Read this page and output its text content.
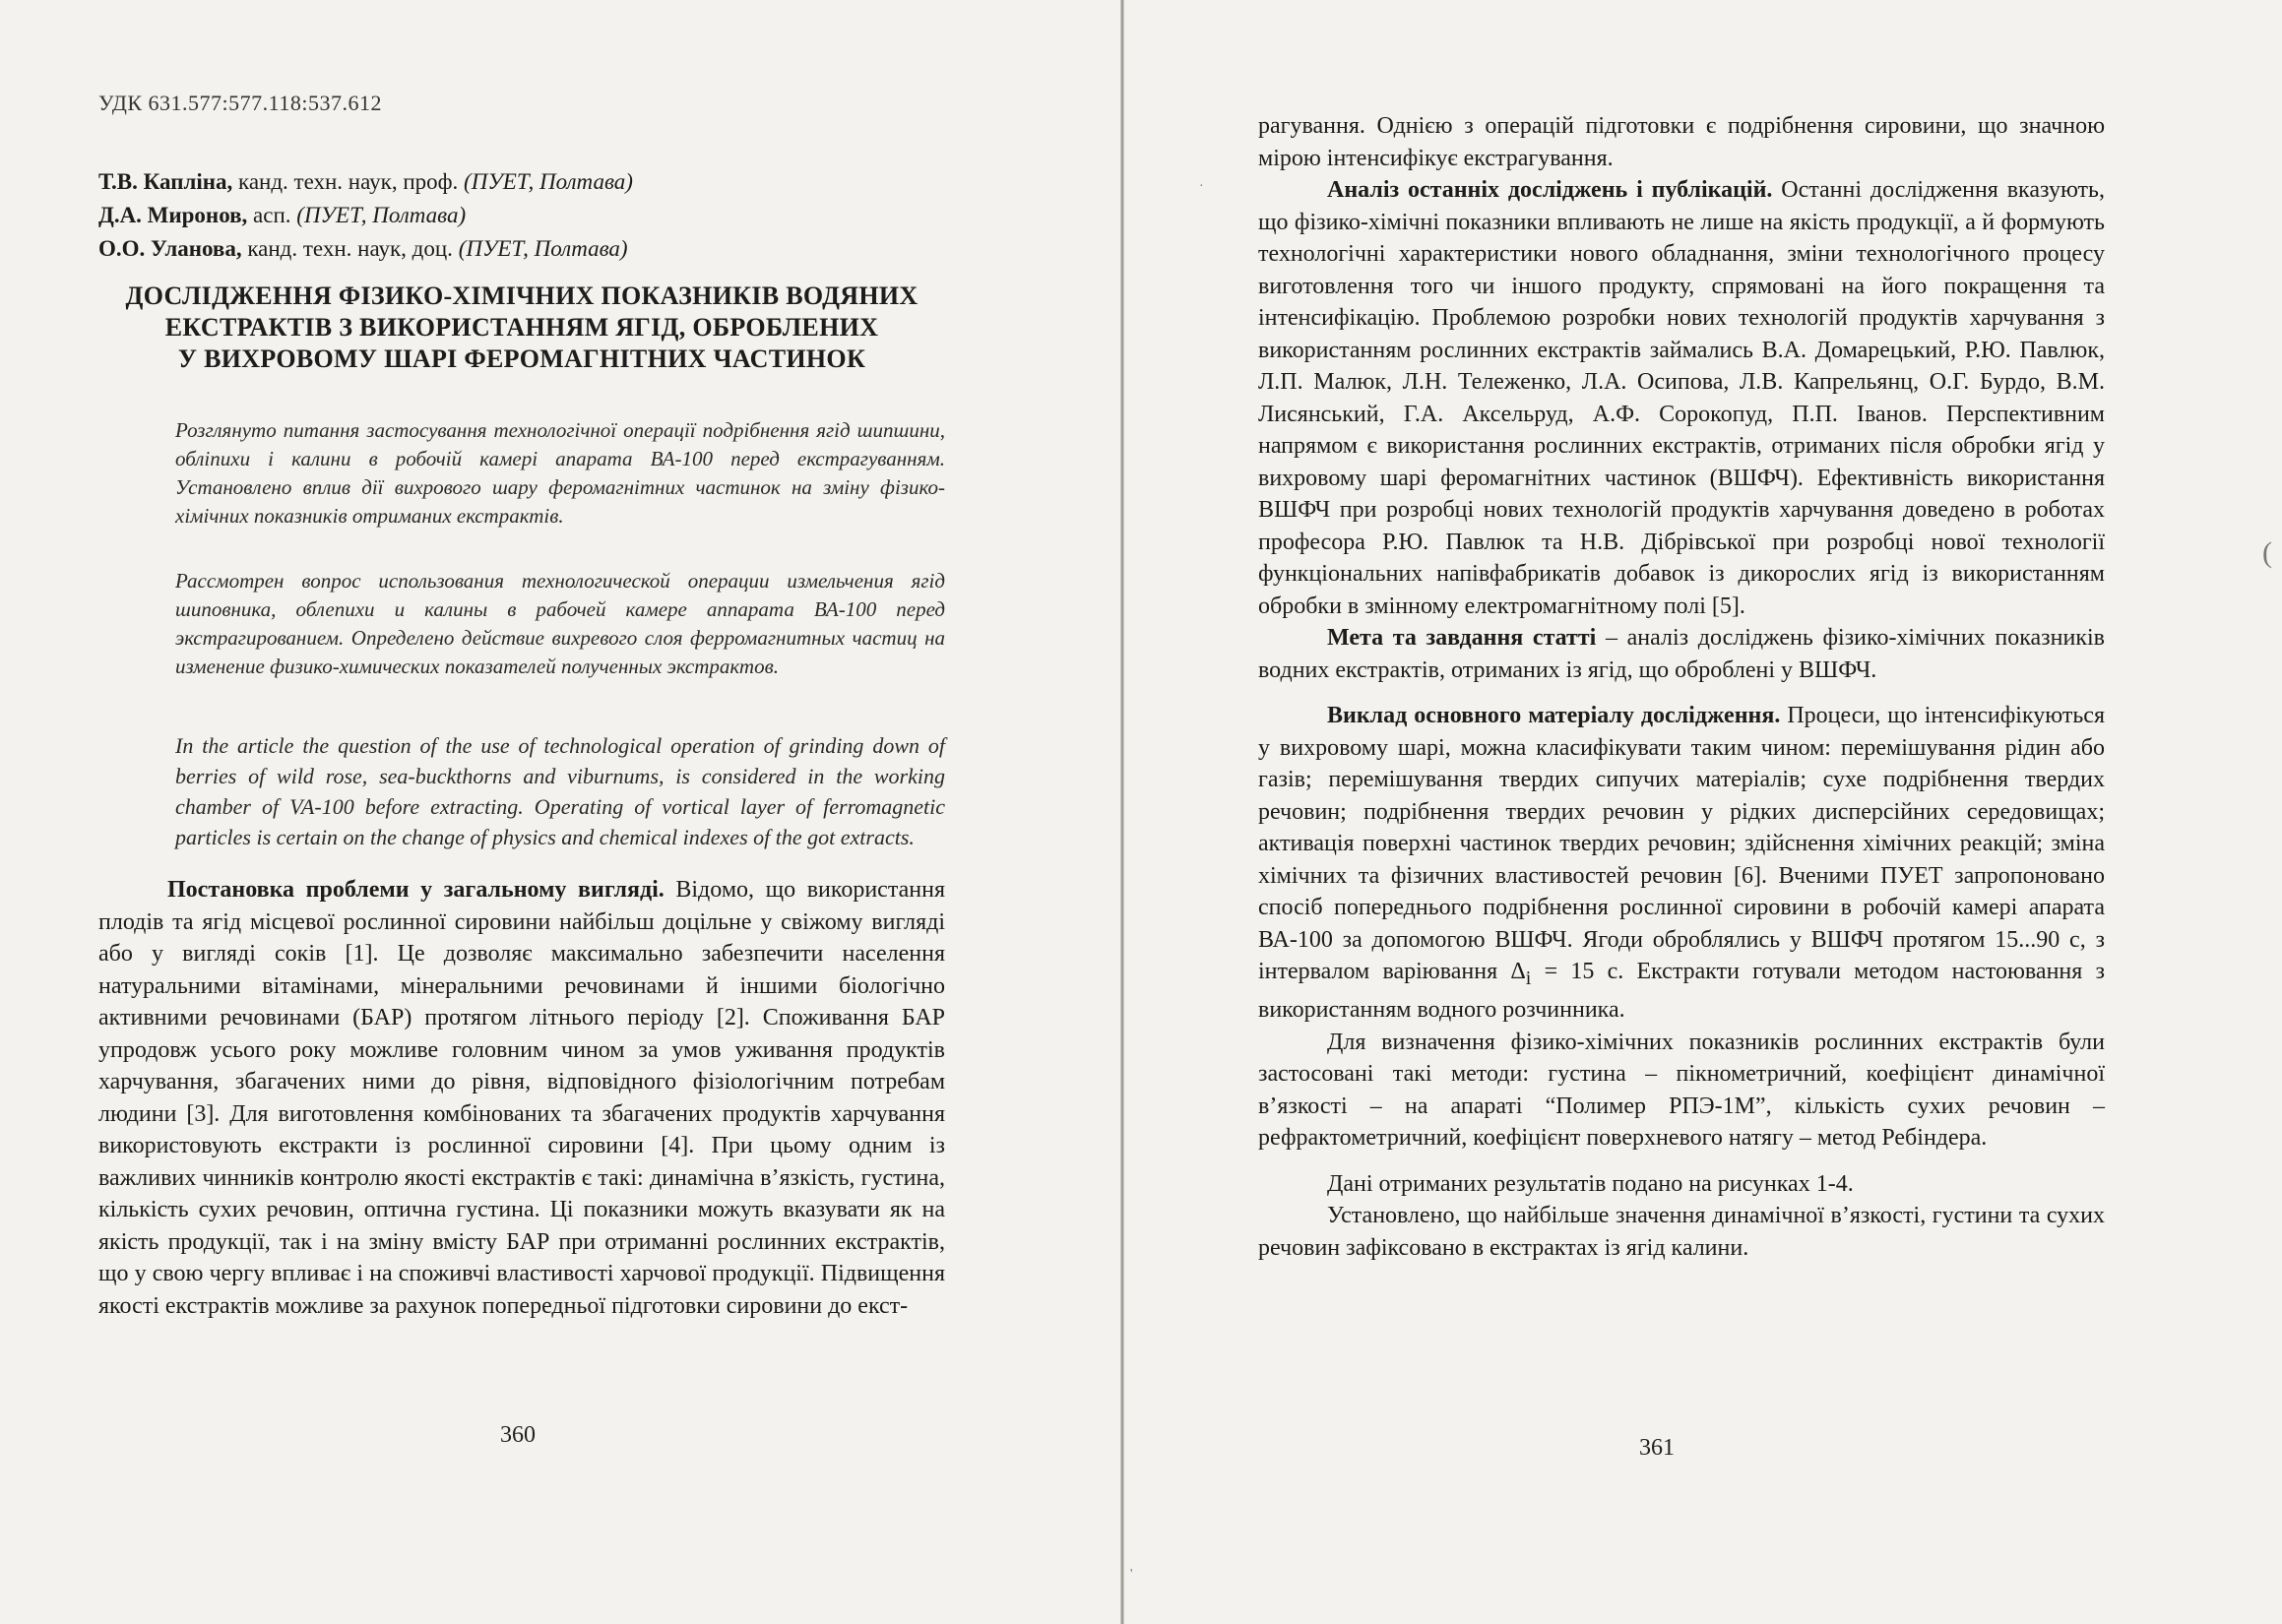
УДК 631.577:577.118:537.612
Т.В. Капліна, канд. техн. наук, проф. (ПУЕТ, Полтава)
Д.А. Миронов, асп. (ПУЕТ, Полтава)
О.О. Уланова, канд. техн. наук, доц. (ПУЕТ, Полтава)
ДОСЛІДЖЕННЯ ФІЗИКО-ХІМІЧНИХ ПОКАЗНИКІВ ВОДЯНИХ
ЕКСТРАКТІВ З ВИКОРИСТАННЯМ ЯГІД, ОБРОБЛЕНИХ
У ВИХРОВОМУ ШАРІ ФЕРОМАГНІТНИХ ЧАСТИНОК

Розглянуто питання застосування технологічної операції подрібнення ягід шипшини, обліпихи і калини в робочій камері апарата ВА-100 перед екстрагуванням. Установлено вплив дії вихрового шару феромагнітних частинок на зміну фізико-хімічних показників отриманих екстрактів.

Рассмотрен вопрос использования технологической операции измельчения ягід шиповника, облепихи и калины в рабочей камере аппарата ВА-100 перед экстрагированием. Определено действие вихревого слоя ферромагнитных частиц на изменение физико-химических показателей полученных экстрактов.

In the article the question of the use of technological operation of grinding down of berries of wild rose, sea-buckthorns and viburnums, is considered in the working chamber of VA-100 before extracting. Operating of vortical layer of ferromagnetic particles is certain on the change of physics and chemical indexes of the got extracts.

Постановка проблеми у загальному вигляді. Відомо, що використання плодів та ягід місцевої рослинної сировини найбільш доцільне у свіжому вигляді або у вигляді соків [1]. Це дозволяє максимально забезпечити населення натуральними вітамінами, мінеральними речовинами й іншими біологічно активними речовинами (БАР) протягом літнього періоду [2]. Споживання БАР упродовж усього року можливе головним чином за умов уживання продуктів харчування, збагачених ними до рівня, відповідного фізіологічним потребам людини [3]. Для виготовлення комбінованих та збагачених продуктів харчування використовують екстракти із рослинної сировини [4]. При цьому одним із важливих чинників контролю якості екстрактів є такі: динамічна в’язкість, густина, кількість сухих речовин, оптична густина. Ці показники можуть вказувати як на якість продукції, так і на зміну вмісту БАР при отриманні рослинних екстрактів, що у свою чергу впливає і на споживчі властивості харчової продукції. Підвищення якості екстрактів можливе за рахунок попередньої підготовки сировини до екст-

360

рагування. Однією з операцій підготовки є подрібнення сировини, що значною мірою інтенсифікує екстрагування.

Аналіз останніх досліджень і публікацій. Останні дослідження вказують, що фізико-хімічні показники впливають не лише на якість продукції, а й формують технологічні характеристики нового обладнання, зміни технологічного процесу виготовлення того чи іншого продукту, спрямовані на його покращення та інтенсифікацію. Проблемою розробки нових технологій продуктів харчування з використанням рослинних екстрактів займались В.А. Домарецький, Р.Ю. Павлюк, Л.П. Малюк, Л.Н. Тележенко, Л.А. Осипова, Л.В. Капрельянц, О.Г. Бурдо, В.М. Лисянський, Г.А. Аксельруд, А.Ф. Сорокопуд, П.П. Іванов. Перспективним напрямом є використання рослинних екстрактів, отриманих після обробки ягід у вихровому шарі феромагнітних частинок (ВШФЧ). Ефективність використання ВШФЧ при розробці нових технологій продуктів харчування доведено в роботах професора Р.Ю. Павлюк та Н.В. Дібрівської при розробці нової технології функціональних напівфабрикатів добавок із дикорослих ягід із використанням обробки в змінному електромагнітному полі [5].

Мета та завдання статті – аналіз досліджень фізико-хімічних показників водних екстрактів, отриманих із ягід, що оброблені у ВШФЧ.

Виклад основного матеріалу дослідження. Процеси, що інтенсифікуються у вихровому шарі, можна класифікувати таким чином: перемішування рідин або газів; перемішування твердих сипучих матеріалів; сухе подрібнення твердих речовин; подрібнення твердих речовин у рідких дисперсійних середовищах; активація поверхні частинок твердих речовин; здійснення хімічних реакцій; зміна хімічних та фізичних властивостей речовин [6]. Вченими ПУЕТ запропоновано спосіб попереднього подрібнення рослинної сировини в робочій камері апарата ВА-100 за допомогою ВШФЧ. Ягоди оброблялись у ВШФЧ протягом 15...90 с, з інтервалом варіювання $\Delta_i = 15$ с. Екстракти готували методом настоювання з використанням водного розчинника.

Для визначення фізико-хімічних показників рослинних екстрактів були застосовані такі методи: густина – пікнометричний, коефіцієнт динамічної в’язкості – на апараті “Полимер РПЭ-1М”, кількість сухих речовин – рефрактометричний, коефіцієнт поверхневого натягу – метод Ребіндера.

Дані отриманих результатів подано на рисунках 1-4.

Установлено, що найбільше значення динамічної в’язкості, густини та сухих речовин зафіксовано в екстрактах із ягід калини.

361
(
·
'
